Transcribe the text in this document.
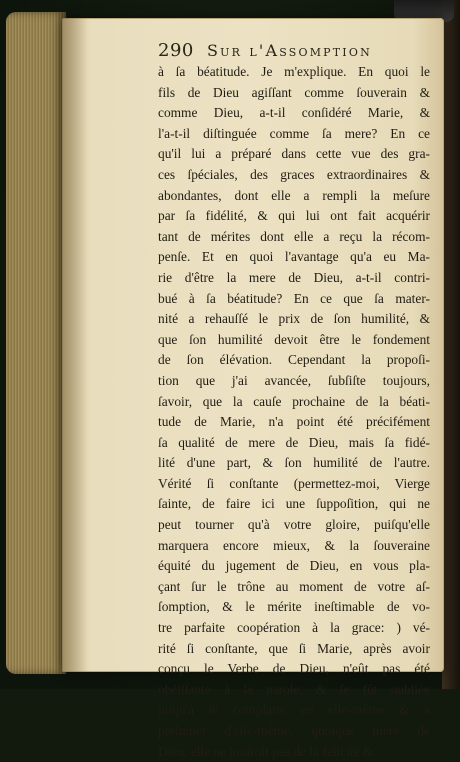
290 Sur l'Assomption
à ſa béatitude. Je m'explique. En quoi le
fils de Dieu agiſſant comme ſouverain &
comme Dieu, a-t-il conſidéré Marie, &
l'a-t-il diſtinguée comme ſa mere? En ce
qu'il lui a préparé dans cette vue des gra-
ces ſpéciales, des graces extraordinaires &
abondantes, dont elle a rempli la meſure
par ſa fidélité, & qui lui ont fait acquérir
tant de mérites dont elle a reçu la récom-
penſe. Et en quoi l'avantage qu'a eu Ma-
rie d'être la mere de Dieu, a-t-il contri-
bué à ſa béatitude? En ce que ſa mater-
nité a rehauſſé le prix de ſon humilité, &
que ſon humilité devoit être le fondement
de ſon élévation. Cependant la propoſi-
tion que j'ai avancée, ſubſiſte toujours,
ſavoir, que la cauſe prochaine de la béati-
tude de Marie, n'a point été précifément
ſa qualité de mere de Dieu, mais ſa fidé-
lité d'une part, & ſon humilité de l'autre.
Vérité ſi conſtante (permettez-moi, Vierge
ſainte, de faire ici une ſuppoſition, qui ne
peut tourner qu'à votre gloire, puiſqu'elle
marquera encore mieux, & la ſouveraine
équité du jugement de Dieu, en vous pla-
çant ſur le trône au moment de votre aſ-
ſomption, & le mérite ineſtimable de vo-
tre parfaite coopération à la grace: ) vé-
rité ſi conſtante, que ſi Marie, après avoir
conçu le Verbe de Dieu, n'eût pas été
obéiſſante à ſa parole, & ſe fût oubliée
juſqu'à ſe complaire en elle-même & à
préſumer d'elle-même, quoique mere de
Dieu, elle ne jouiroit pas de la félicité &
